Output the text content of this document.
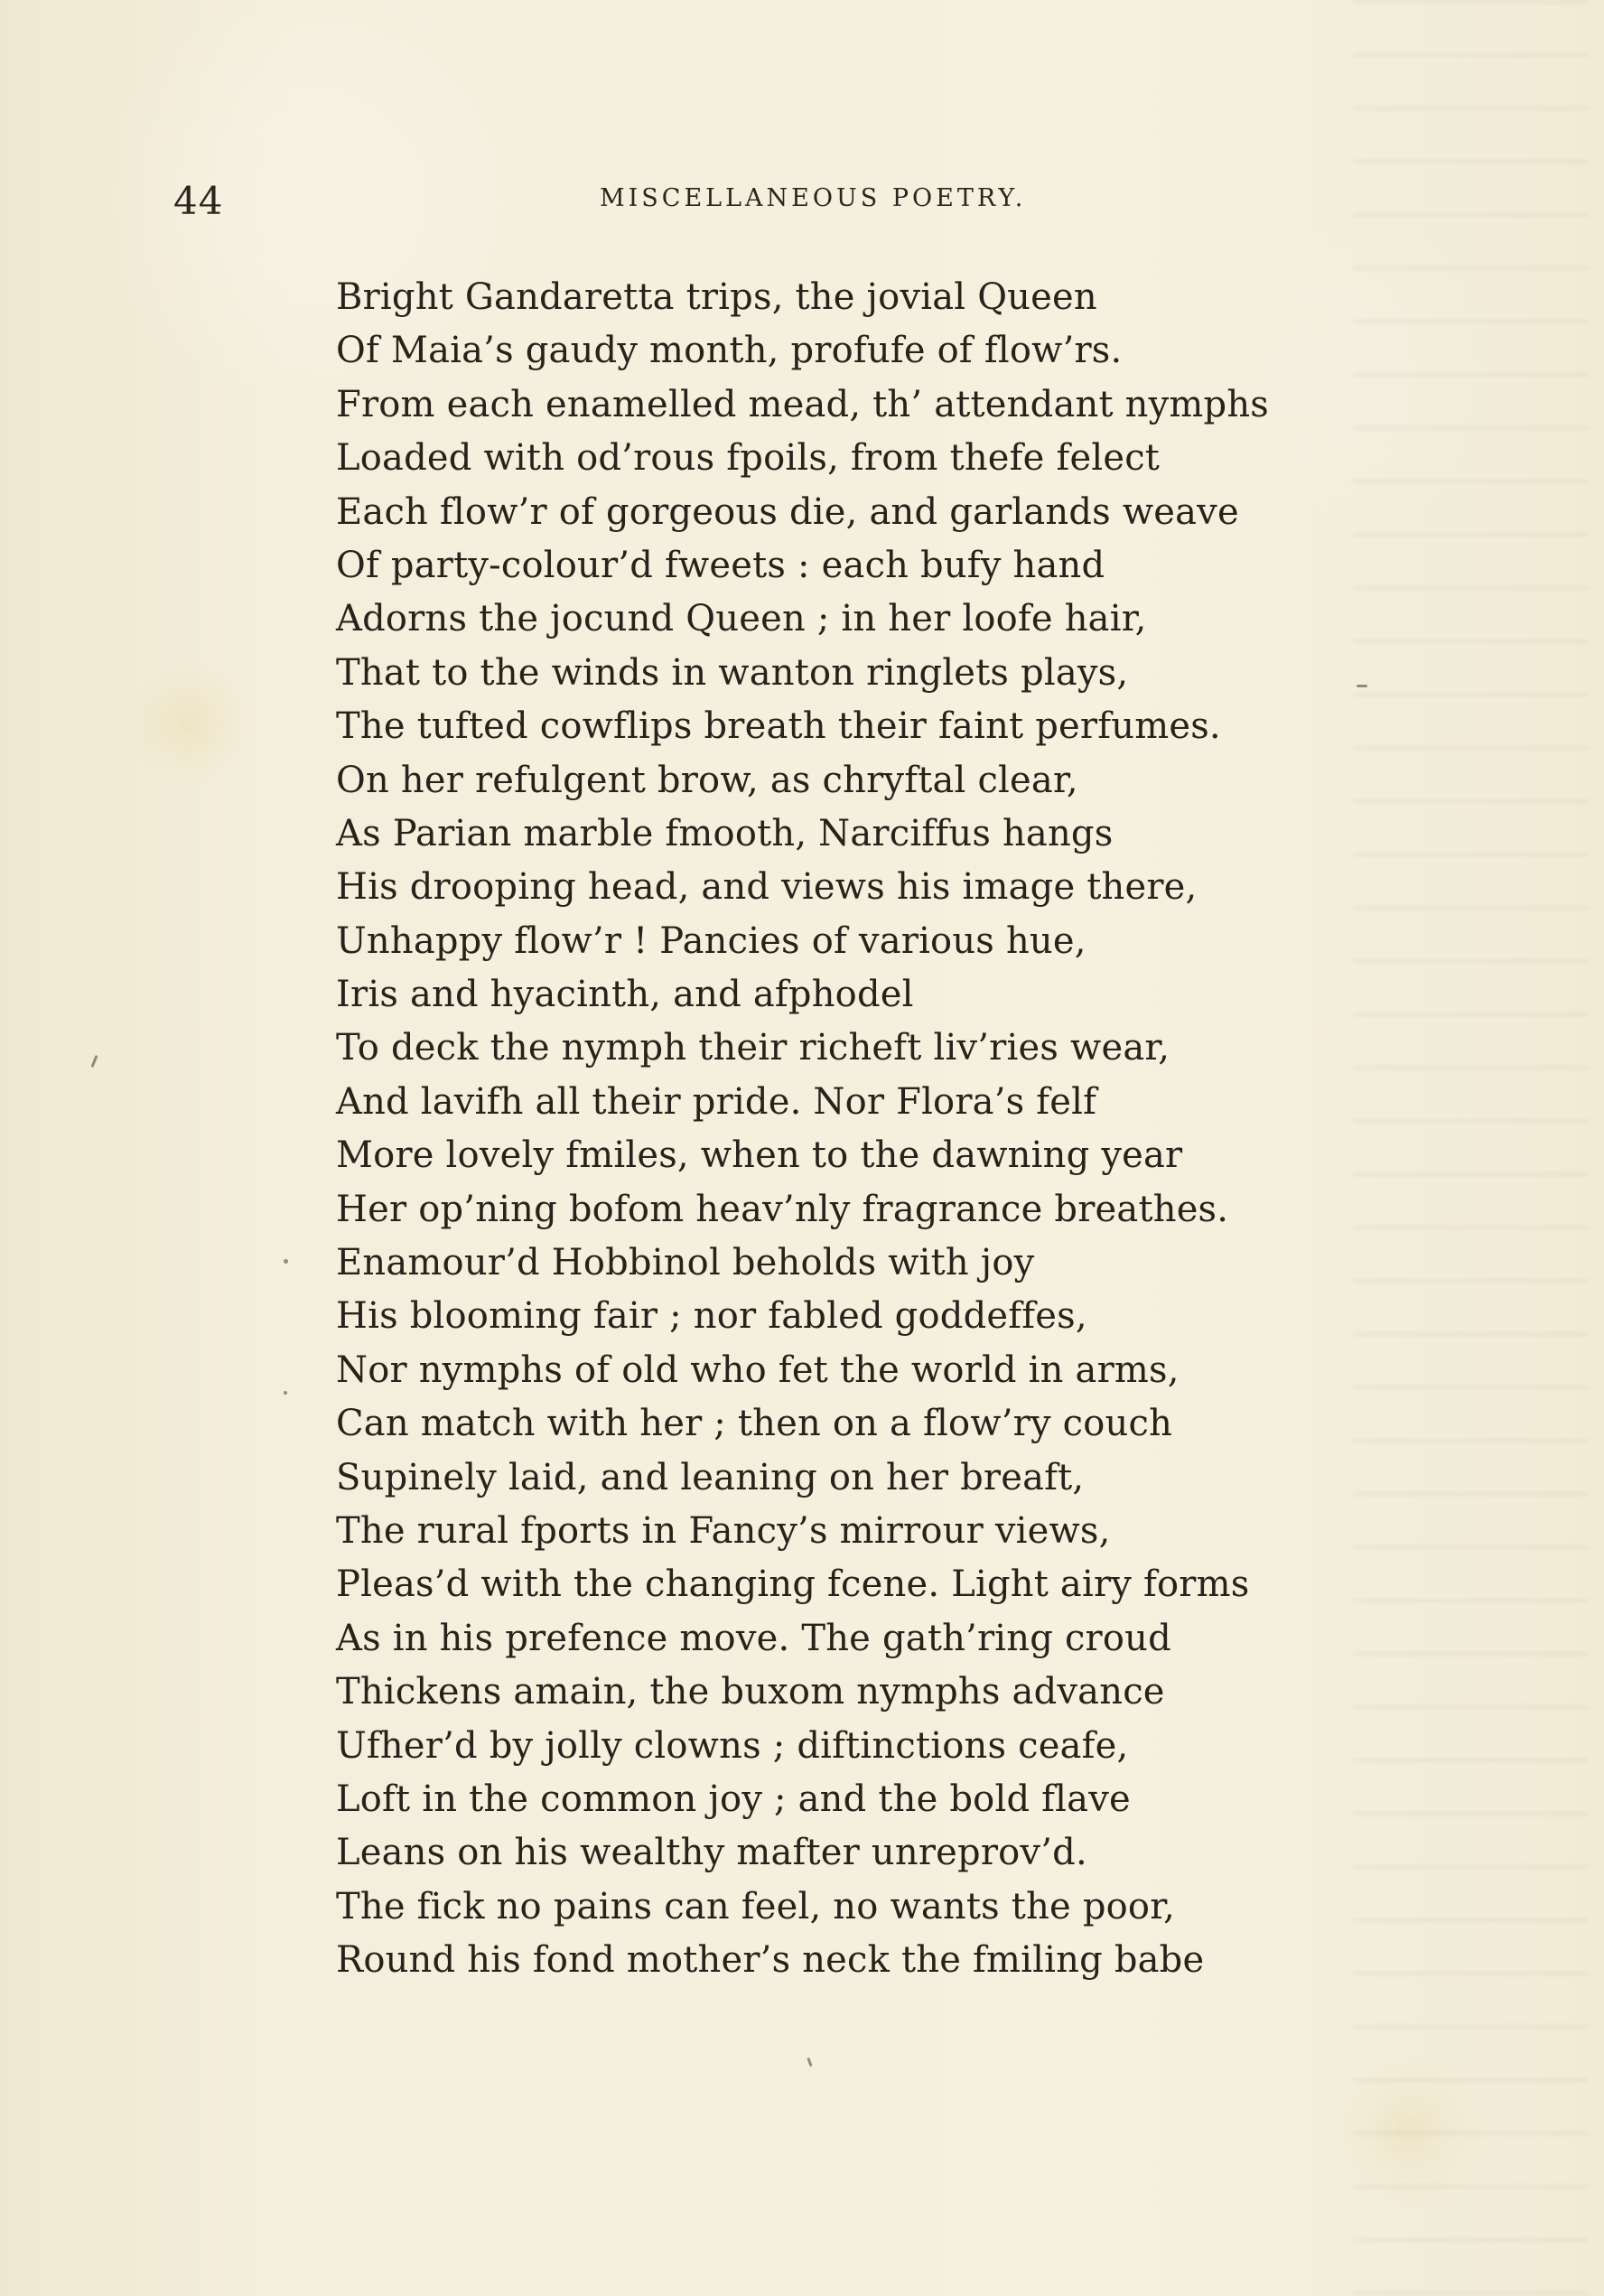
44	MISCELLANEOUS POETRY.
Bright Gandaretta trips, the jovial Queen
Of Maia’s gaudy month, profufe of flow’rs.
From each enamelled mead, th’ attendant nymphs
Loaded with od’rous fpoils, from thefe felect
Each flow’r of gorgeous die, and garlands weave
Of party-colour’d fweets : each bufy hand
Adorns the jocund Queen ; in her loofe hair,
That to the winds in wanton ringlets plays,
The tufted cowflips breath their faint perfumes.
On her refulgent brow, as chryftal clear,
As Parian marble fmooth, Narciffus hangs
His drooping head, and views his image there,
Unhappy flow’r ! Pancies of various hue,
Iris and hyacinth, and afphodel
To deck the nymph their richeft liv’ries wear,
And lavifh all their pride. Nor Flora’s felf
More lovely fmiles, when to the dawning year
Her op’ning bofom heav’nly fragrance breathes.
Enamour’d Hobbinol beholds with joy
His blooming fair ; nor fabled goddeffes,
Nor nymphs of old who fet the world in arms,
Can match with her ; then on a flow’ry couch
Supinely laid, and leaning on her breaft,
The rural fports in Fancy’s mirrour views,
Pleas’d with the changing fcene. Light airy forms
As in his prefence move. The gath’ring croud
Thickens amain, the buxom nymphs advance
Ufher’d by jolly clowns ; diftinctions ceafe,
Loft in the common joy ; and the bold flave
Leans on his wealthy mafter unreprov’d.
The fick no pains can feel, no wants the poor,
Round his fond mother’s neck the fmiling babe
